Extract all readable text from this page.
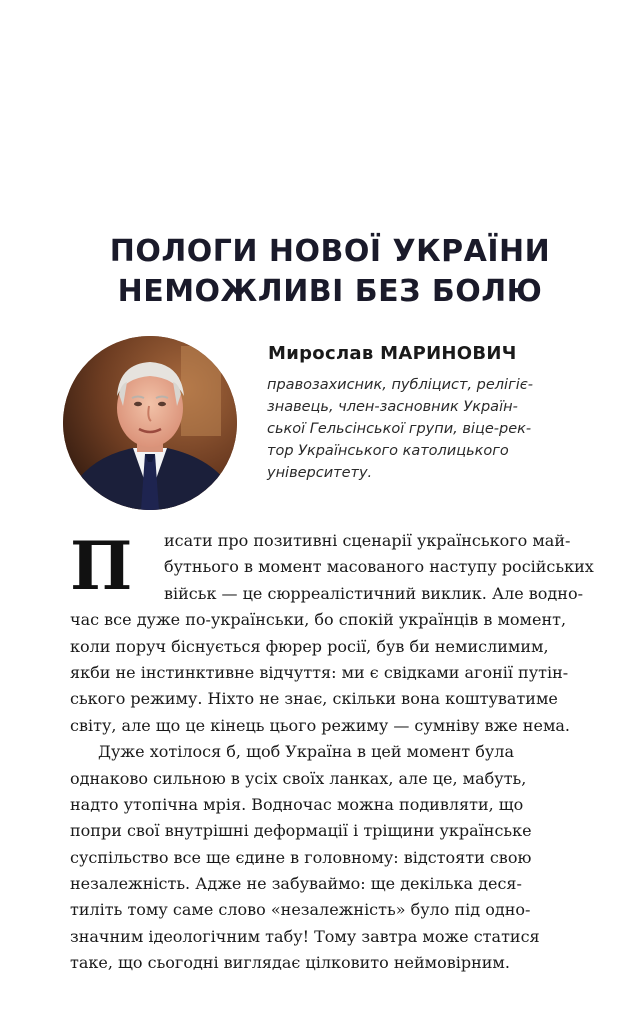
ПОЛОГИ НОВОЇ УКРАЇНИ
НЕМОЖЛИВІ БЕЗ БОЛЮ
Мирослав МАРИНОВИЧ
правозахисник, публіцист, релігіє-
знавець, член-засновник Україн-
ської Гельсінської групи, віце-рек-
тор Українського католицького
університету.
П	исати про позитивні сценарії українського май-
бутнього в момент масованого наступу російських
військ — це сюрреалістичний виклик. Але водно-
час все дуже по-українськи, бо спокій українців в момент,
коли поруч біснується фюрер росії, був би немислимим,
якби не інстинктивне відчуття: ми є свідками агонії путін-
ського режиму. Ніхто не знає, скільки вона коштуватиме
світу, але що це кінець цього режиму — сумніву вже нема.
Дуже хотілося б, щоб Україна в цей момент була
однаково сильною в усіх своїх ланках, але це, мабуть,
надто утопічна мрія. Водночас можна подивляти, що
попри свої внутрішні деформації і тріщини українське
суспільство все ще єдине в головному: відстояти свою
незалежність. Адже не забуваймо: ще декілька деся-
тиліть тому саме слово «незалежність» було під одно-
значним ідеологічним табу! Тому завтра може статися
таке, що сьогодні виглядає цілковито неймовірним.
